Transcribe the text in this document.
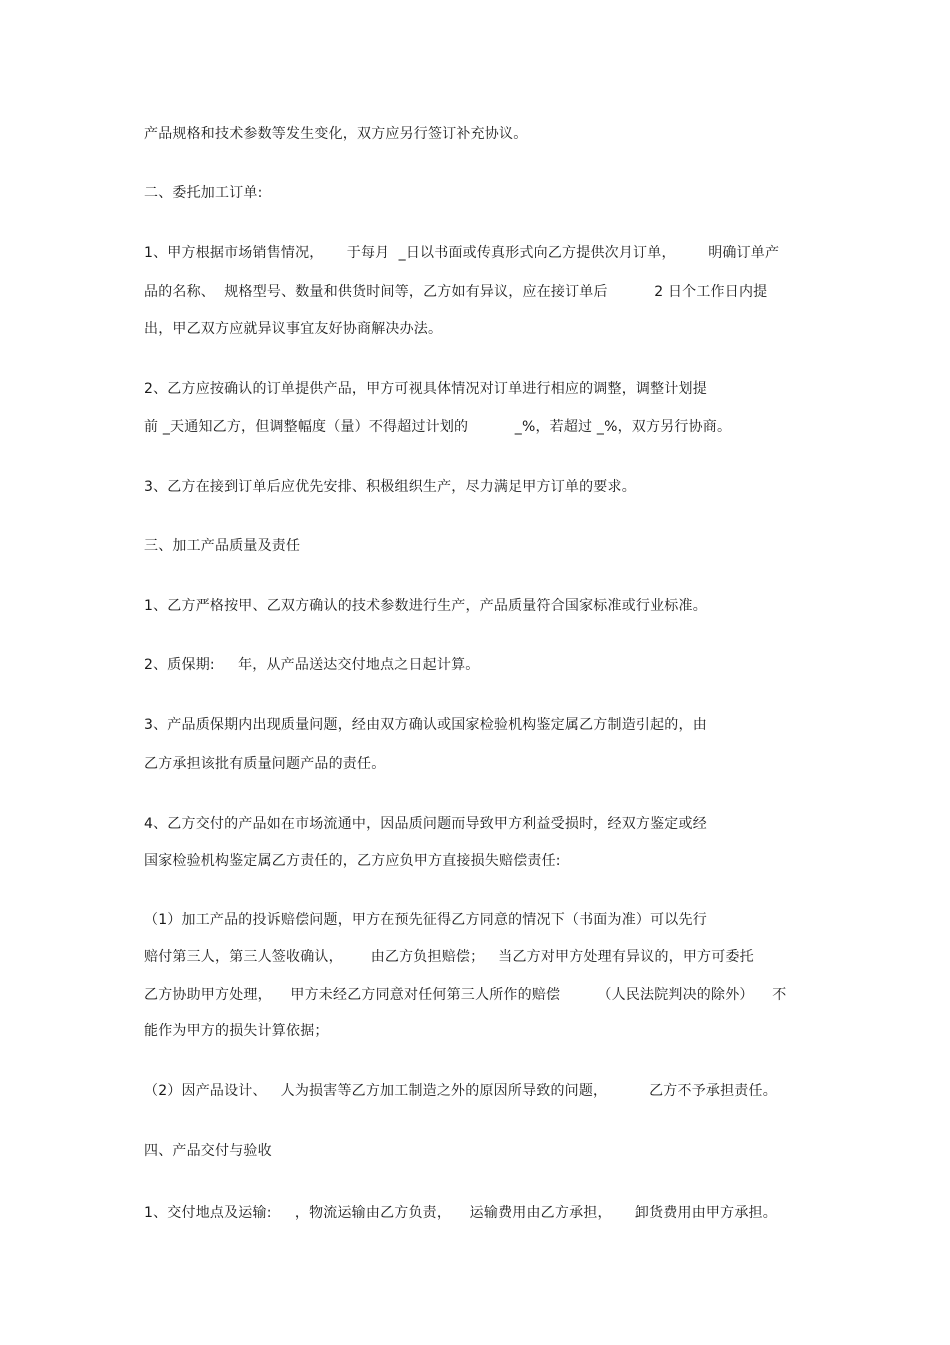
产品规格和技术参数等发生变化，双方应另行签订补充协议。
二、委托加工订单:
1、甲方根据市场销售情况，     于每月  _日以书面或传真形式向乙方提供次月订单，       明确订单产
品的名称、  规格型号、数量和供货时间等，乙方如有异议，应在接订单后          2 日个工作日内提
出，甲乙双方应就异议事宜友好协商解决办法。
2、乙方应按确认的订单提供产品，甲方可视具体情况对订单进行相应的调整，调整计划提
前 _天通知乙方，但调整幅度（量）不得超过计划的          _%，若超过 _%，双方另行协商。
3、乙方在接到订单后应优先安排、积极组织生产，尽力满足甲方订单的要求。
三、加工产品质量及责任
1、乙方严格按甲、乙双方确认的技术参数进行生产，产品质量符合国家标准或行业标准。
2、质保期:     年，从产品送达交付地点之日起计算。
3、产品质保期内出现质量问题，经由双方确认或国家检验机构鉴定属乙方制造引起的，由
乙方承担该批有质量问题产品的责任。
4、乙方交付的产品如在市场流通中，因品质问题而导致甲方利益受损时，经双方鉴定或经
国家检验机构鉴定属乙方责任的，乙方应负甲方直接损失赔偿责任:
（1）加工产品的投诉赔偿问题，甲方在预先征得乙方同意的情况下（书面为准）可以先行
赔付第三人，第三人签收确认，      由乙方负担赔偿；   当乙方对甲方处理有异议的，甲方可委托
乙方协助甲方处理，    甲方未经乙方同意对任何第三人所作的赔偿        （人民法院判决的除外）    不
能作为甲方的损失计算依据；
（2）因产品设计、   人为损害等乙方加工制造之外的原因所导致的问题，         乙方不予承担责任。
四、产品交付与验收
1、交付地点及运输:     ，物流运输由乙方负责，    运输费用由乙方承担，     卸货费用由甲方承担。
